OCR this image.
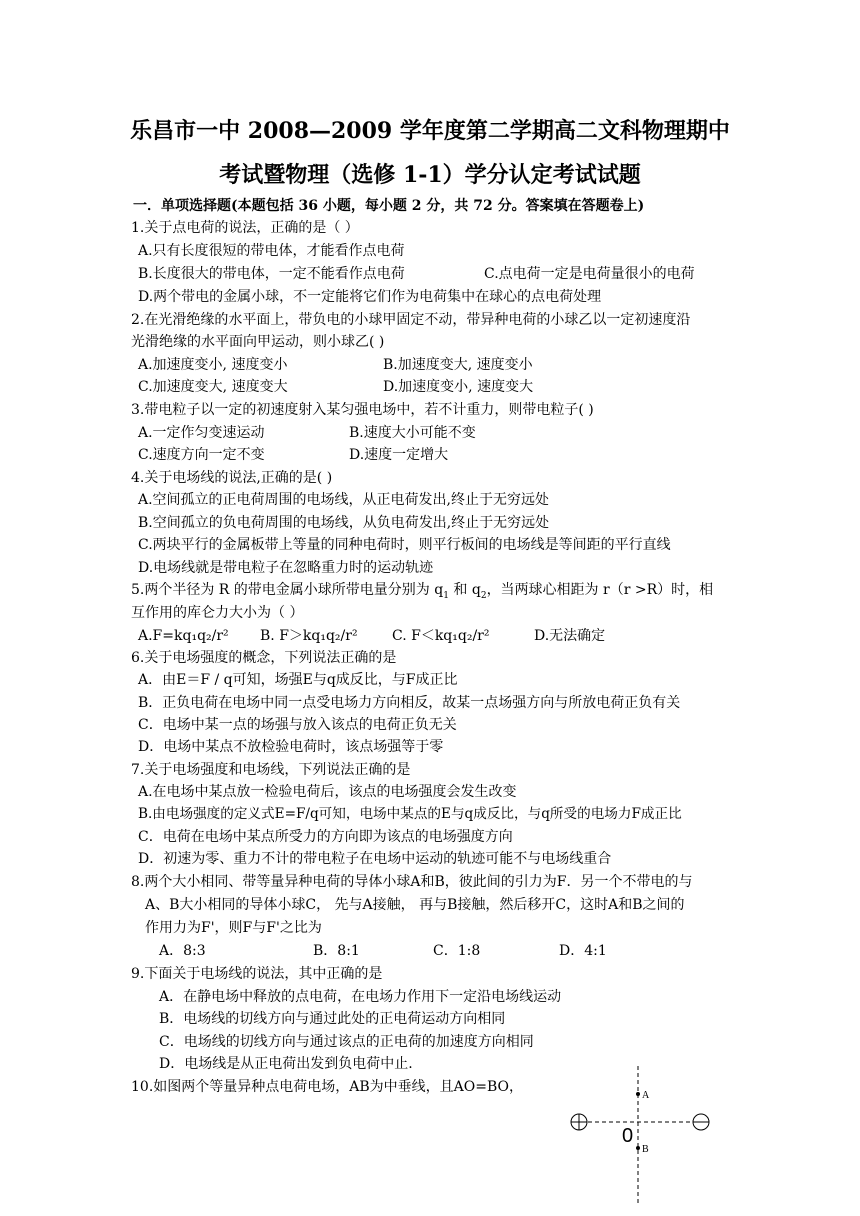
乐昌市一中 2008—2009 学年度第二学期高二文科物理期中
考试暨物理（选修 1-1）学分认定考试试题
一．单项选择题(本题包括 36 小题，每小题 2 分，共 72 分。答案填在答题卷上)
1.关于点电荷的说法，正确的是（ ）
A.只有长度很短的带电体，才能看作点电荷
B.长度很大的带电体，一定不能看作点电荷	C.点电荷一定是电荷量很小的电荷
D.两个带电的金属小球，不一定能将它们作为电荷集中在球心的点电荷处理
2.在光滑绝缘的水平面上，带负电的小球甲固定不动，带异种电荷的小球乙以一定初速度沿
光滑绝缘的水平面向甲运动，则小球乙( )
A.加速度变小, 速度变小	B.加速度变大, 速度变小
C.加速度变大, 速度变大	D.加速度变小, 速度变大
3.带电粒子以一定的初速度射入某匀强电场中，若不计重力，则带电粒子( )
A.一定作匀变速运动	B.速度大小可能不变
C.速度方向一定不变	D.速度一定增大
4.关于电场线的说法,正确的是( )
A.空间孤立的正电荷周围的电场线，从正电荷发出,终止于无穷远处
B.空间孤立的负电荷周围的电场线，从负电荷发出,终止于无穷远处
C.两块平行的金属板带上等量的同种电荷时，则平行板间的电场线是等间距的平行直线
D.电场线就是带电粒子在忽略重力时的运动轨迹
5.两个半径为 R 的带电金属小球所带电量分别为 $q_1$ 和 $q_2$，当两球心相距为 r（r >R）时，相
互作用的库仑力大小为（ ）
A.F=kq₁q₂/r² B. F＞kq₁q₂/r² C. F＜kq₁q₂/r²	D.无法确定
6.关于电场强度的概念，下列说法正确的是
A．由E＝F / q可知，场强E与q成反比，与F成正比
B．正负电荷在电场中同一点受电场力方向相反，故某一点场强方向与所放电荷正负有关
C．电场中某一点的场强与放入该点的电荷正负无关
D．电场中某点不放检验电荷时，该点场强等于零
7.关于电场强度和电场线，下列说法正确的是
A.在电场中某点放一检验电荷后，该点的电场强度会发生改变
B.由电场强度的定义式E=F/q可知，电场中某点的E与q成反比，与q所受的电场力F成正比
C．电荷在电场中某点所受力的方向即为该点的电场强度方向
D．初速为零、重力不计的带电粒子在电场中运动的轨迹可能不与电场线重合
8.两个大小相同、带等量异种电荷的导体小球A和B，彼此间的引力为F．另一个不带电的与
A、B大小相同的导体小球C， 先与A接触， 再与B接触，然后移开C，这时A和B之间的
作用力为F'，则F与F'之比为
A．8:3	B．8:1	C．1:8	D．4:1
9.下面关于电场线的说法，其中正确的是
A．在静电场中释放的点电荷，在电场力作用下一定沿电场线运动
B．电场线的切线方向与通过此处的正电荷运动方向相同
C．电场线的切线方向与通过该点的正电荷的加速度方向相同
D．电场线是从正电荷出发到负电荷中止.
10.如图两个等量异种点电荷电场，AB为中垂线，且AO=BO，
A
B
0
